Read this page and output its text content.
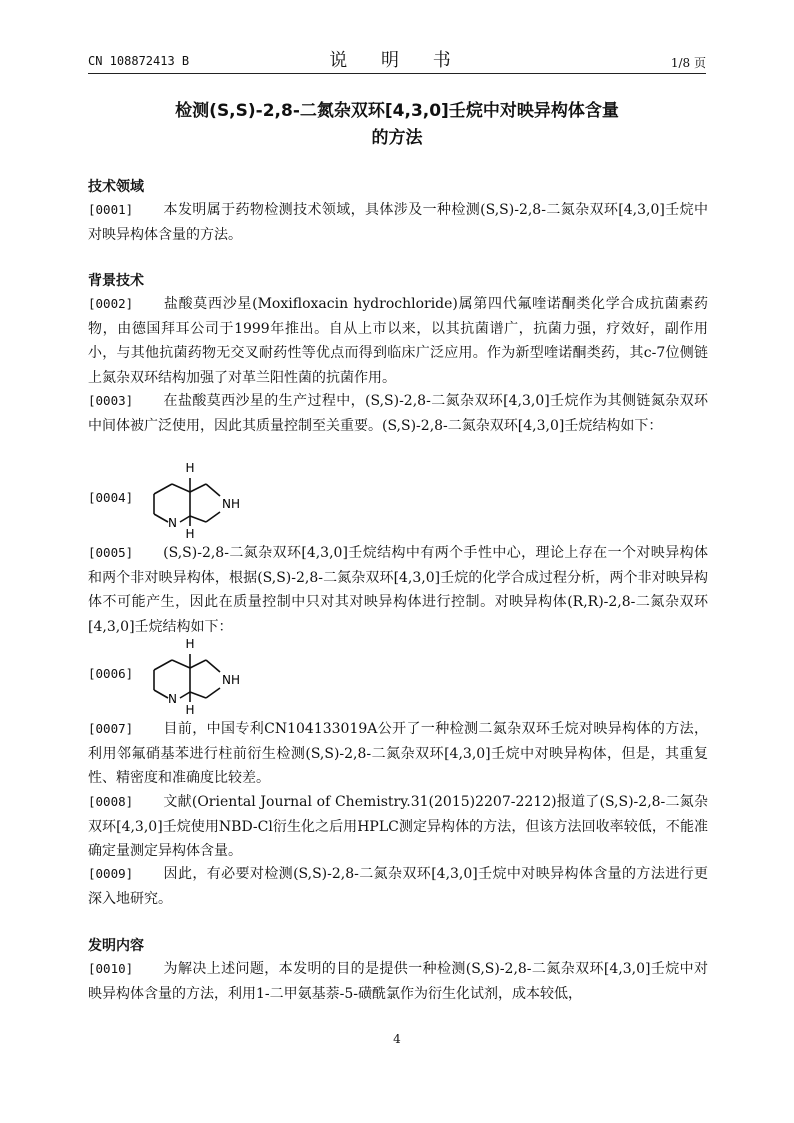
CN 108872413 B	说 明 书	1/8 页
检测(S,S)-2,8-二氮杂双环[4,3,0]壬烷中对映异构体含量
的方法
技术领域
[0001] 本发明属于药物检测技术领域，具体涉及一种检测(S,S)-2,8-二氮杂双环[4,3,0]壬烷中对映异构体含量的方法。
背景技术
[0002] 盐酸莫西沙星(Moxifloxacin hydrochloride)属第四代氟喹诺酮类化学合成抗菌素药物，由德国拜耳公司于1999年推出。自从上市以来，以其抗菌谱广，抗菌力强，疗效好，副作用小，与其他抗菌药物无交叉耐药性等优点而得到临床广泛应用。作为新型喹诺酮类药，其c-7位侧链上氮杂双环结构加强了对革兰阳性菌的抗菌作用。
[0003] 在盐酸莫西沙星的生产过程中，(S,S)-2,8-二氮杂双环[4,3,0]壬烷作为其侧链氮杂双环中间体被广泛使用，因此其质量控制至关重要。(S,S)-2,8-二氮杂双环[4,3,0]壬烷结构如下：
[0004]
H
H
NH
N
[0005] (S,S)-2,8-二氮杂双环[4,3,0]壬烷结构中有两个手性中心，理论上存在一个对映异构体和两个非对映异构体，根据(S,S)-2,8-二氮杂双环[4,3,0]壬烷的化学合成过程分析，两个非对映异构体不可能产生，因此在质量控制中只对其对映异构体进行控制。对映异构体(R,R)-2,8-二氮杂双环[4,3,0]壬烷结构如下：
[0006]
H
H
NH
N
[0007] 目前，中国专利CN104133019A公开了一种检测二氮杂双环壬烷对映异构体的方法，利用邻氟硝基苯进行柱前衍生检测(S,S)-2,8-二氮杂双环[4,3,0]壬烷中对映异构体，但是，其重复性、精密度和准确度比较差。
[0008] 文献(Oriental Journal of Chemistry.31(2015)2207-2212)报道了(S,S)-2,8-二氮杂双环[4,3,0]壬烷使用NBD-Cl衍生化之后用HPLC测定异构体的方法，但该方法回收率较低，不能准确定量测定异构体含量。
[0009] 因此，有必要对检测(S,S)-2,8-二氮杂双环[4,3,0]壬烷中对映异构体含量的方法进行更深入地研究。
发明内容
[0010] 为解决上述问题，本发明的目的是提供一种检测(S,S)-2,8-二氮杂双环[4,3,0]壬烷中对映异构体含量的方法，利用1-二甲氨基萘-5-磺酰氯作为衍生化试剂，成本较低，
4
